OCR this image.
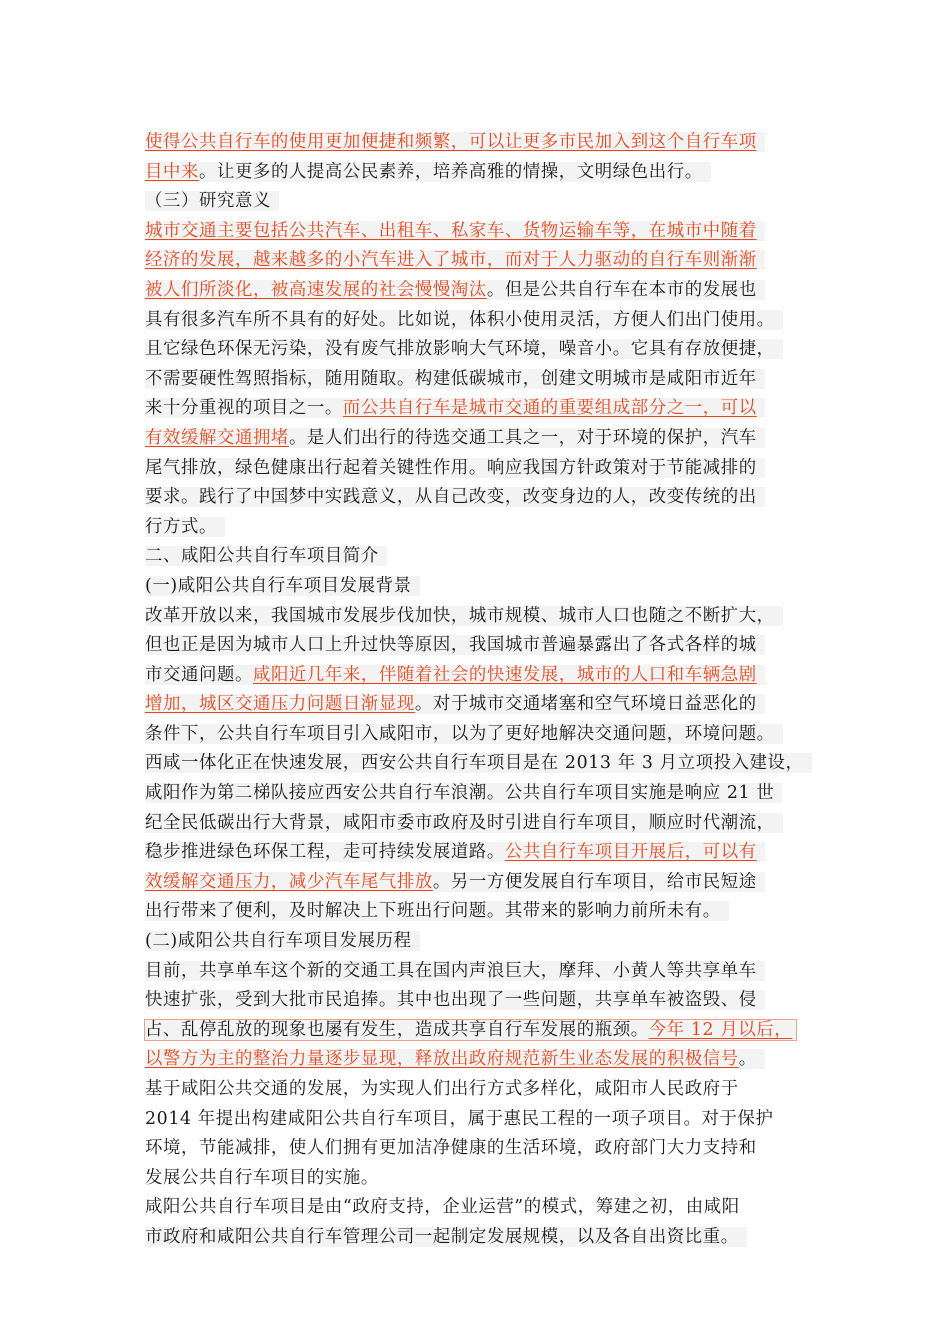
使得公共自行车的使用更加便捷和频繁，可以让更多市民加入到这个自行车项
目中来。让更多的人提高公民素养，培养高雅的情操，文明绿色出行。
（三）研究意义
城市交通主要包括公共汽车、出租车、私家车、货物运输车等，在城市中随着
经济的发展，越来越多的小汽车进入了城市，而对于人力驱动的自行车则渐渐
被人们所淡化，被高速发展的社会慢慢淘汰。但是公共自行车在本市的发展也
具有很多汽车所不具有的好处。比如说，体积小使用灵活，方便人们出门使用。
且它绿色环保无污染，没有废气排放影响大气环境，噪音小。它具有存放便捷，
不需要硬性驾照指标，随用随取。构建低碳城市，创建文明城市是咸阳市近年
来十分重视的项目之一。而公共自行车是城市交通的重要组成部分之一，可以
有效缓解交通拥堵。是人们出行的待选交通工具之一，对于环境的保护，汽车
尾气排放，绿色健康出行起着关键性作用。响应我国方针政策对于节能减排的
要求。践行了中国梦中实践意义，从自己改变，改变身边的人，改变传统的出
行方式。
二、咸阳公共自行车项目简介
(一)咸阳公共自行车项目发展背景
改革开放以来，我国城市发展步伐加快，城市规模、城市人口也随之不断扩大，
但也正是因为城市人口上升过快等原因，我国城市普遍暴露出了各式各样的城
市交通问题。咸阳近几年来，伴随着社会的快速发展，城市的人口和车辆急剧
增加，城区交通压力问题日渐显现。对于城市交通堵塞和空气环境日益恶化的
条件下，公共自行车项目引入咸阳市，以为了更好地解决交通问题，环境问题。
西咸一体化正在快速发展，西安公共自行车项目是在 2013 年 3 月立项投入建设，
咸阳作为第二梯队接应西安公共自行车浪潮。公共自行车项目实施是响应 21 世
纪全民低碳出行大背景，咸阳市委市政府及时引进自行车项目，顺应时代潮流，
稳步推进绿色环保工程，走可持续发展道路。公共自行车项目开展后，可以有
效缓解交通压力，减少汽车尾气排放。另一方便发展自行车项目，给市民短途
出行带来了便利，及时解决上下班出行问题。其带来的影响力前所未有。
(二)咸阳公共自行车项目发展历程
目前，共享单车这个新的交通工具在国内声浪巨大，摩拜、小黄人等共享单车
快速扩张，受到大批市民追捧。其中也出现了一些问题，共享单车被盗毁、侵
占、乱停乱放的现象也屡有发生，造成共享自行车发展的瓶颈。今年 12 月以后，
以警方为主的整治力量逐步显现，释放出政府规范新生业态发展的积极信号。
基于咸阳公共交通的发展，为实现人们出行方式多样化，咸阳市人民政府于
2014 年提出构建咸阳公共自行车项目，属于惠民工程的一项子项目。对于保护
环境，节能减排，使人们拥有更加洁净健康的生活环境，政府部门大力支持和
发展公共自行车项目的实施。
咸阳公共自行车项目是由“政府支持，企业运营”的模式，筹建之初，由咸阳
市政府和咸阳公共自行车管理公司一起制定发展规模，以及各自出资比重。
